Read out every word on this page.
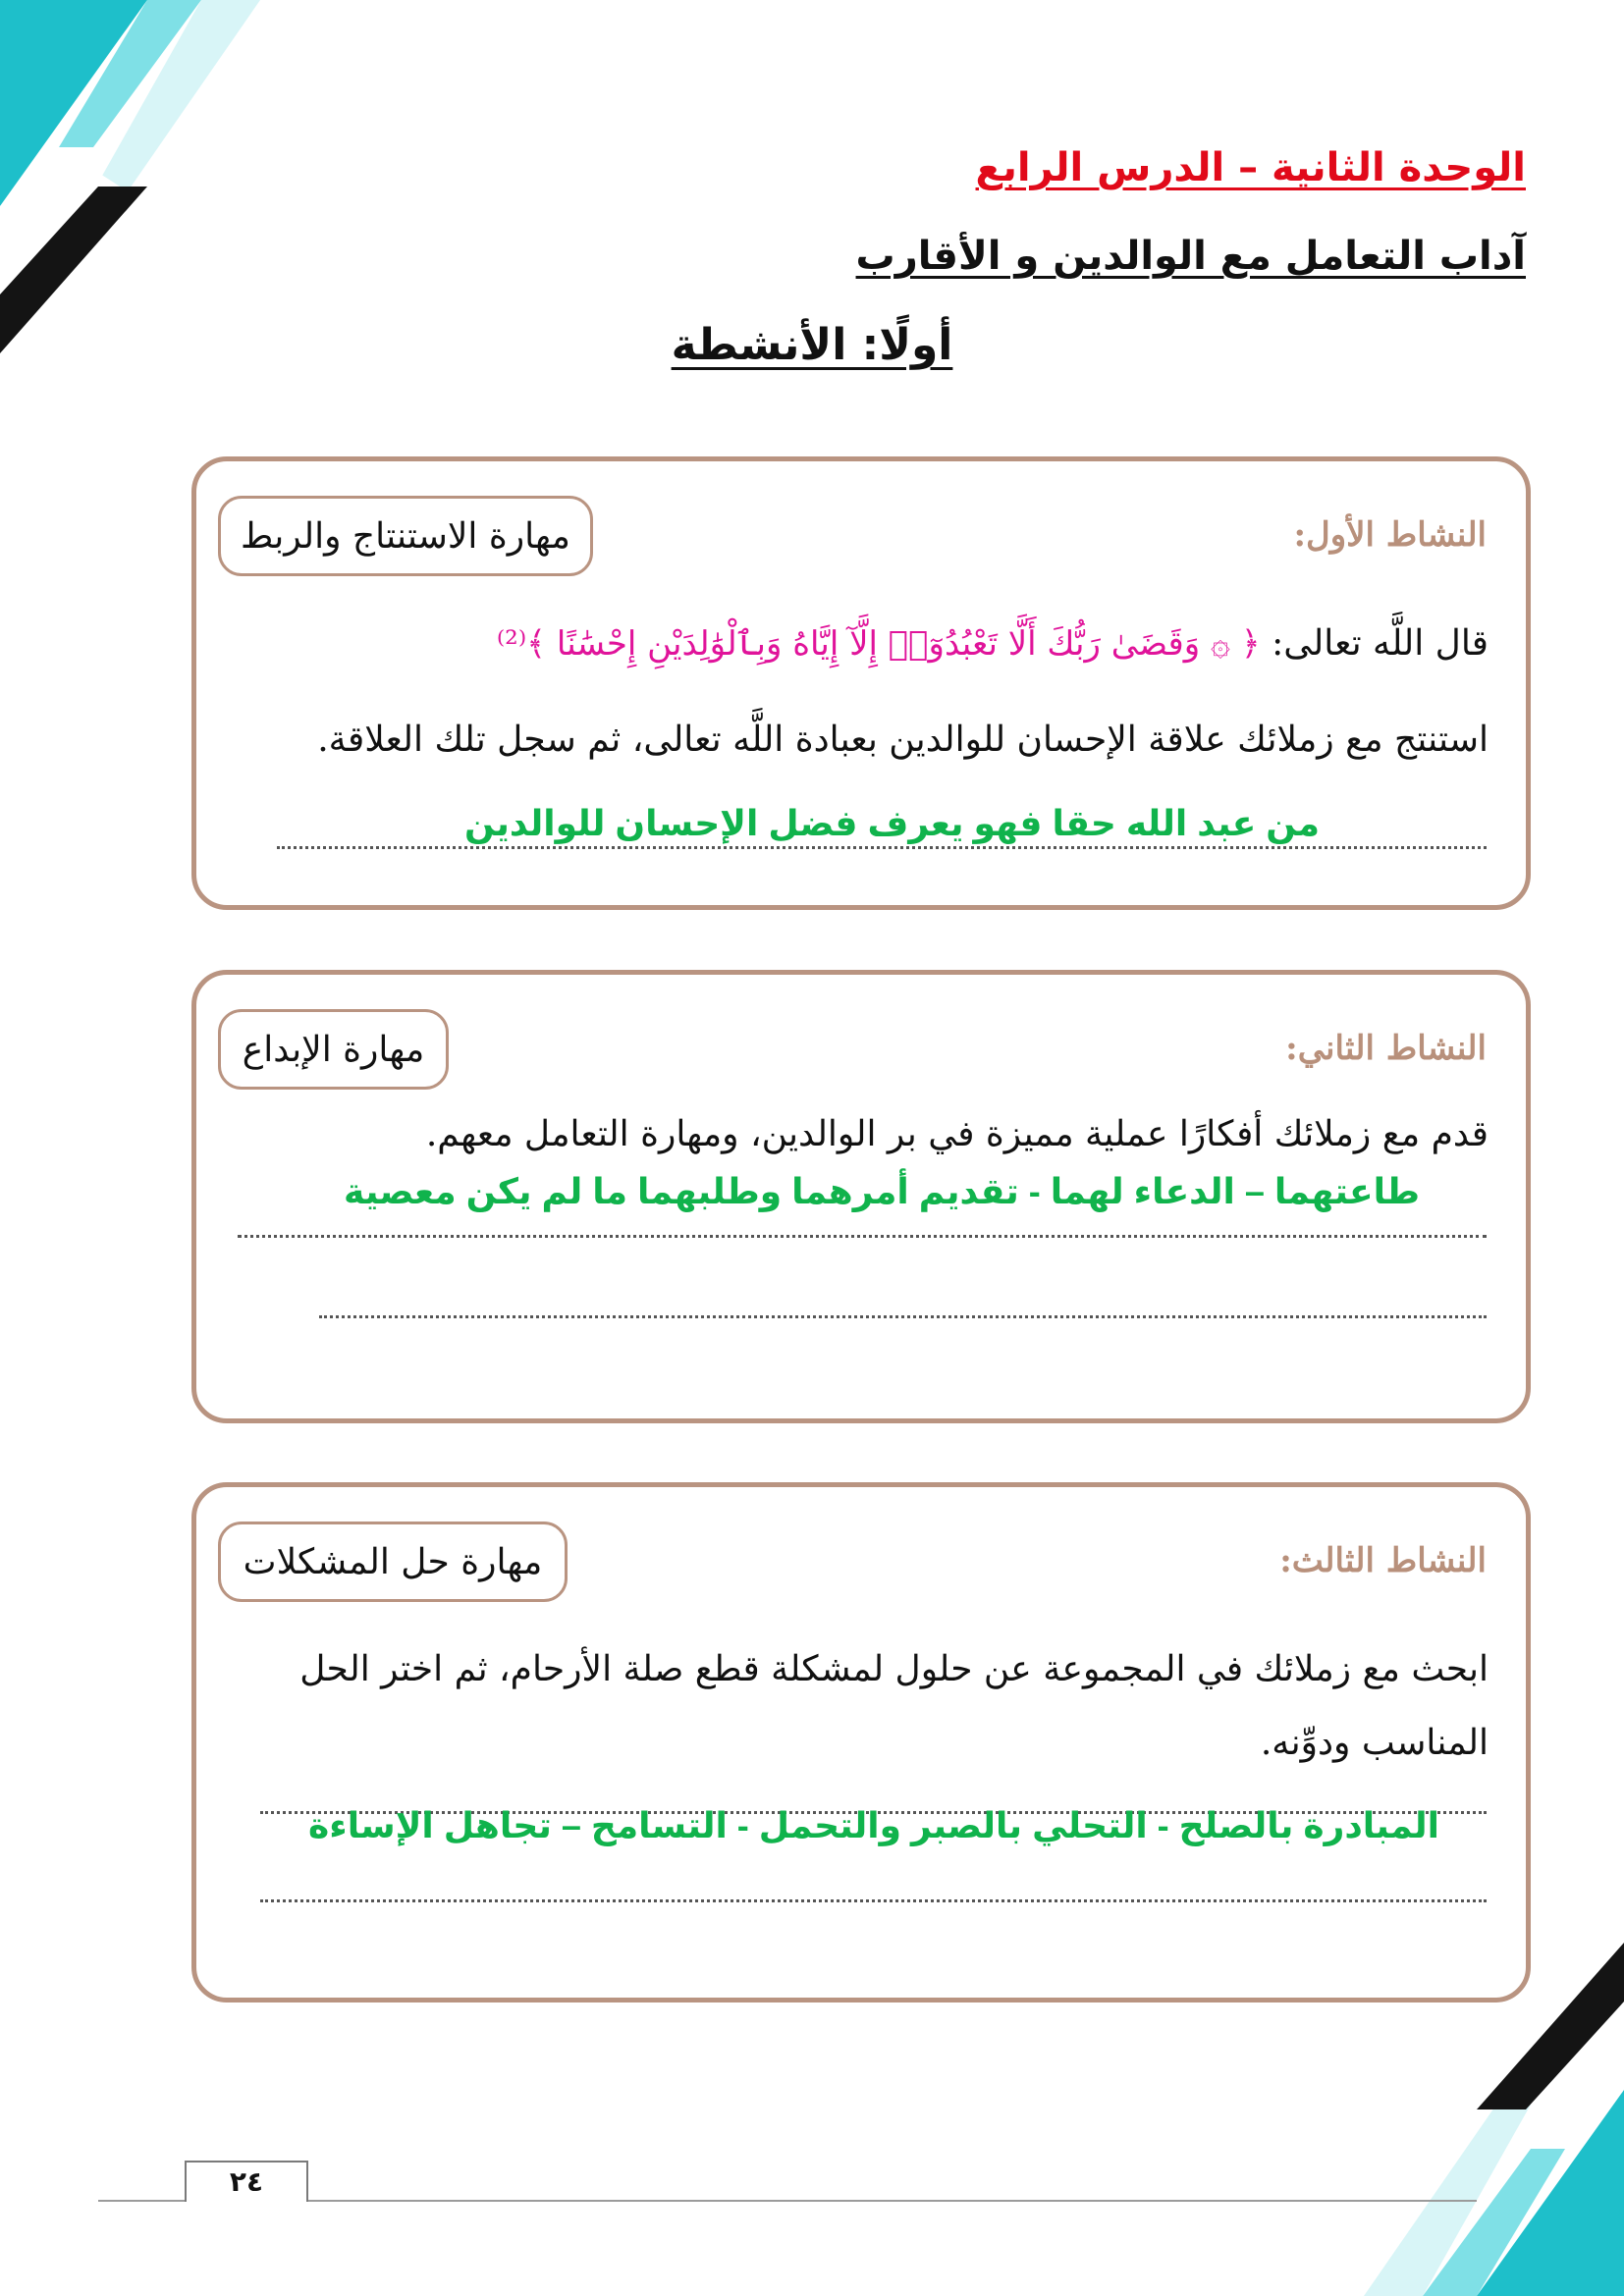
الوحدة الثانية – الدرس الرابع
آداب التعامل مع الوالدين و الأقارب
أولًا: الأنشطة
النشاط الأول:
مهارة الاستنتاج والربط
قال اللَّه تعالى: ﴿ ۞ وَقَضَىٰ رَبُّكَ أَلَّا تَعْبُدُوٓا۟ إِلَّآ إِيَّاهُ وَبِٱلْوَٰلِدَيْنِ إِحْسَٰنًا ﴾⁽²⁾
استنتج مع زملائك علاقة الإحسان للوالدين بعبادة اللَّه تعالى، ثم سجل تلك العلاقة.
من عبد الله حقا فهو يعرف فضل الإحسان للوالدين
النشاط الثاني:
مهارة الإبداع
قدم مع زملائك أفكارًا عملية مميزة في بر الوالدين، ومهارة التعامل معهم.
طاعتهما – الدعاء لهما - تقديم أمرهما وطلبهما ما لم يكن معصية
النشاط الثالث:
مهارة حل المشكلات
ابحث مع زملائك في المجموعة عن حلول لمشكلة قطع صلة الأرحام، ثم اختر الحل
المناسب ودوِّنه.
المبادرة بالصلح - التحلي بالصبر والتحمل - التسامح – تجاهل الإساءة
٢٤
